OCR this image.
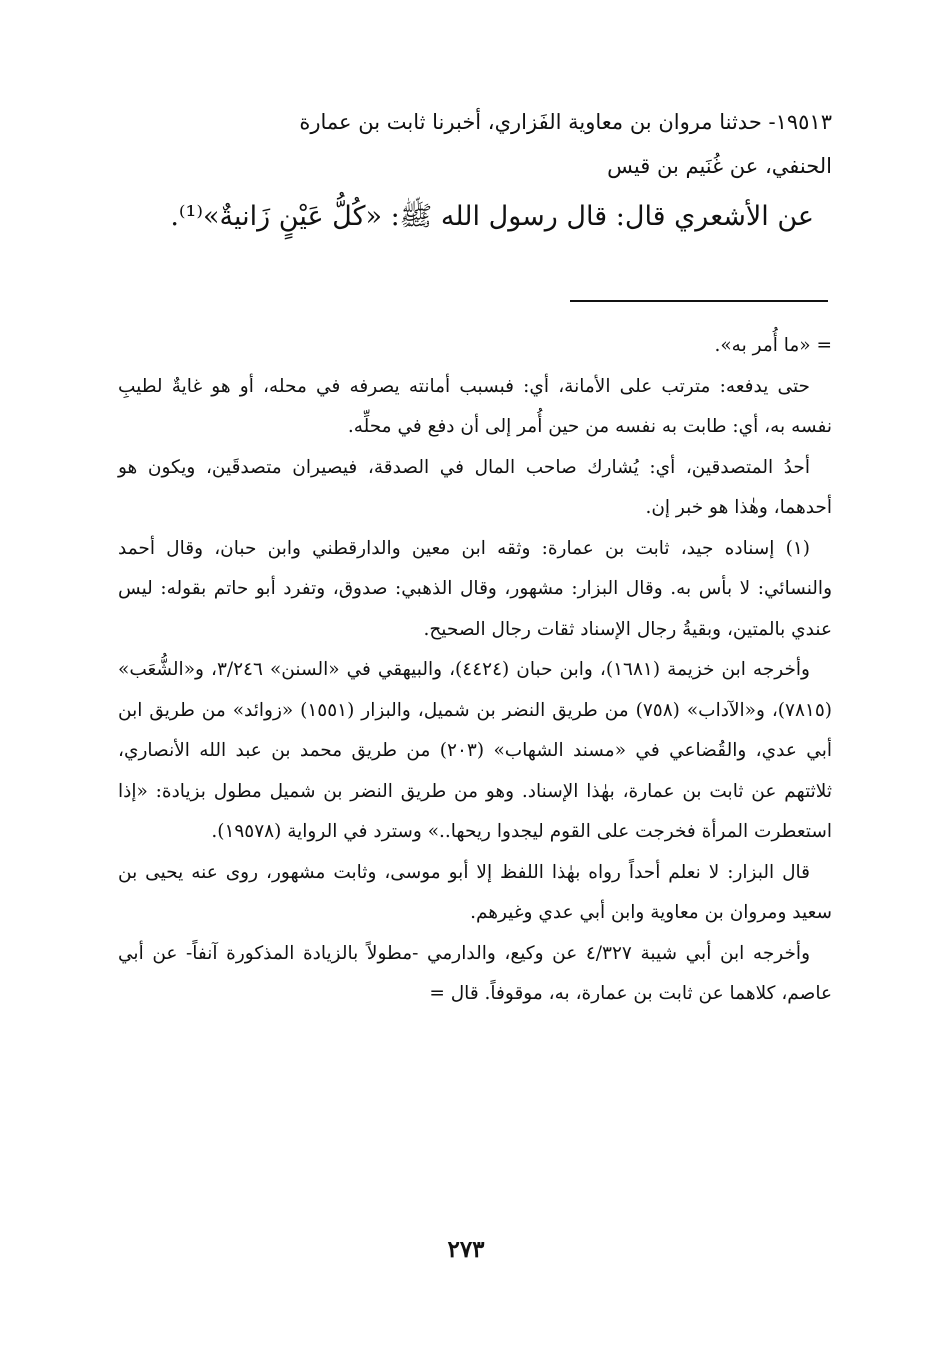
١٩٥١٣- حدثنا مروان بن معاوية الفَزاري، أخبرنا ثابت بن عمارة

الحنفي، عن غُنَيم بن قيس

عن الأشعري قال: قال رسول الله ﷺ: «كُلُّ عَيْنٍ زَانيةٌ»⁽¹⁾.

= «ما أُمر به».

حتى يدفعه: مترتب على الأمانة، أي: فبسبب أمانته يصرفه في محله، أو هو غايةٌ لطيبِ نفسه به، أي: طابت به نفسه من حين أُمر إلى أن دفع في محلِّه.

أحدُ المتصدقين، أي: يُشارك صاحب المال في الصدقة، فيصيران متصدقَين، ويكون هو أحدهما، وهٰذا هو خبر إن.

(١) إسناده جيد، ثابت بن عمارة: وثقه ابن معين والدارقطني وابن حبان، وقال أحمد والنسائي: لا بأس به. وقال البزار: مشهور، وقال الذهبي: صدوق، وتفرد أبو حاتم بقوله: ليس عندي بالمتين، وبقيةُ رجال الإسناد ثقات رجال الصحيح.

وأخرجه ابن خزيمة (١٦٨١)، وابن حبان (٤٤٢٤)، والبيهقي في «السنن» ٣/٢٤٦، و«الشُّعَب» (٧٨١٥)، و«الآداب» (٧٥٨) من طريق النضر بن شميل، والبزار (١٥٥١) «زوائد» من طريق ابن أبي عدي، والقُضاعي في «مسند الشهاب» (٢٠٣) من طريق محمد بن عبد الله الأنصاري، ثلاثتهم عن ثابت بن عمارة، بهٰذا الإسناد. وهو من طريق النضر بن شميل مطول بزيادة: «إذا استعطرت المرأة فخرجت على القوم ليجدوا ريحها..» وسترد في الرواية (١٩٥٧٨).

قال البزار: لا نعلم أحداً رواه بهٰذا اللفظ إلا أبو موسى، وثابت مشهور، روى عنه يحيى بن سعيد ومروان بن معاوية وابن أبي عدي وغيرهم.

وأخرجه ابن أبي شيبة ٤/٣٢٧ عن وكيع، والدارمي -مطولاً بالزيادة المذكورة آنفاً- عن أبي عاصم، كلاهما عن ثابت بن عمارة، به، موقوفاً. قال =

٢٧٣
